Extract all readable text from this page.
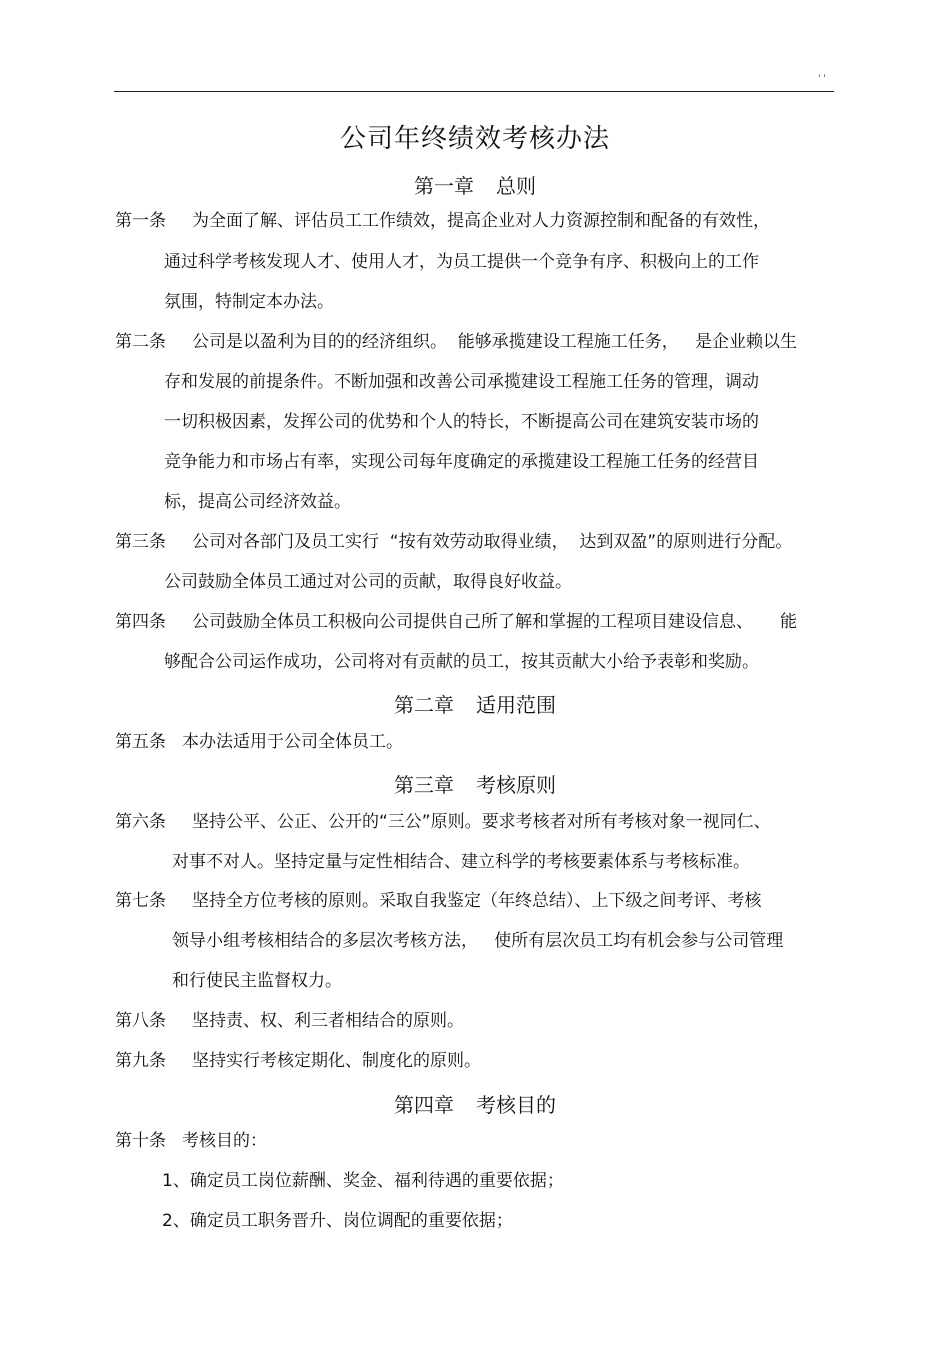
' '
公司年终绩效考核办法
第一章 总则
第一条 为全面了解、评估员工工作绩效，提高企业对人力资源控制和配备的有效性，
通过科学考核发现人才、使用人才，为员工提供一个竞争有序、积极向上的工作
氛围，特制定本办法。
第二条 公司是以盈利为目的的经济组织。  能够承揽建设工程施工任务，   是企业赖以生
存和发展的前提条件。不断加强和改善公司承揽建设工程施工任务的管理，调动
一切积极因素，发挥公司的优势和个人的特长，不断提高公司在建筑安装市场的
竞争能力和市场占有率，实现公司每年度确定的承揽建设工程施工任务的经营目
标，提高公司经济效益。
第三条 公司对各部门及员工实行  “按有效劳动取得业绩，  达到双盈”的原则进行分配。
公司鼓励全体员工通过对公司的贡献，取得良好收益。
第四条 公司鼓励全体员工积极向公司提供自己所了解和掌握的工程项目建设信息、     能
够配合公司运作成功，公司将对有贡献的员工，按其贡献大小给予表彰和奖励。
第二章 适用范围
第五条 本办法适用于公司全体员工。
第三章 考核原则
第六条 坚持公平、公正、公开的“三公”原则。要求考核者对所有考核对象一视同仁、
对事不对人。坚持定量与定性相结合、建立科学的考核要素体系与考核标准。
第七条 坚持全方位考核的原则。采取自我鉴定（年终总结）、上下级之间考评、考核
领导小组考核相结合的多层次考核方法，   使所有层次员工均有机会参与公司管理
和行使民主监督权力。
第八条 坚持责、权、利三者相结合的原则。
第九条 坚持实行考核定期化、制度化的原则。
第四章 考核目的
第十条 考核目的：
1、确定员工岗位薪酬、奖金、福利待遇的重要依据；
2、确定员工职务晋升、岗位调配的重要依据；
